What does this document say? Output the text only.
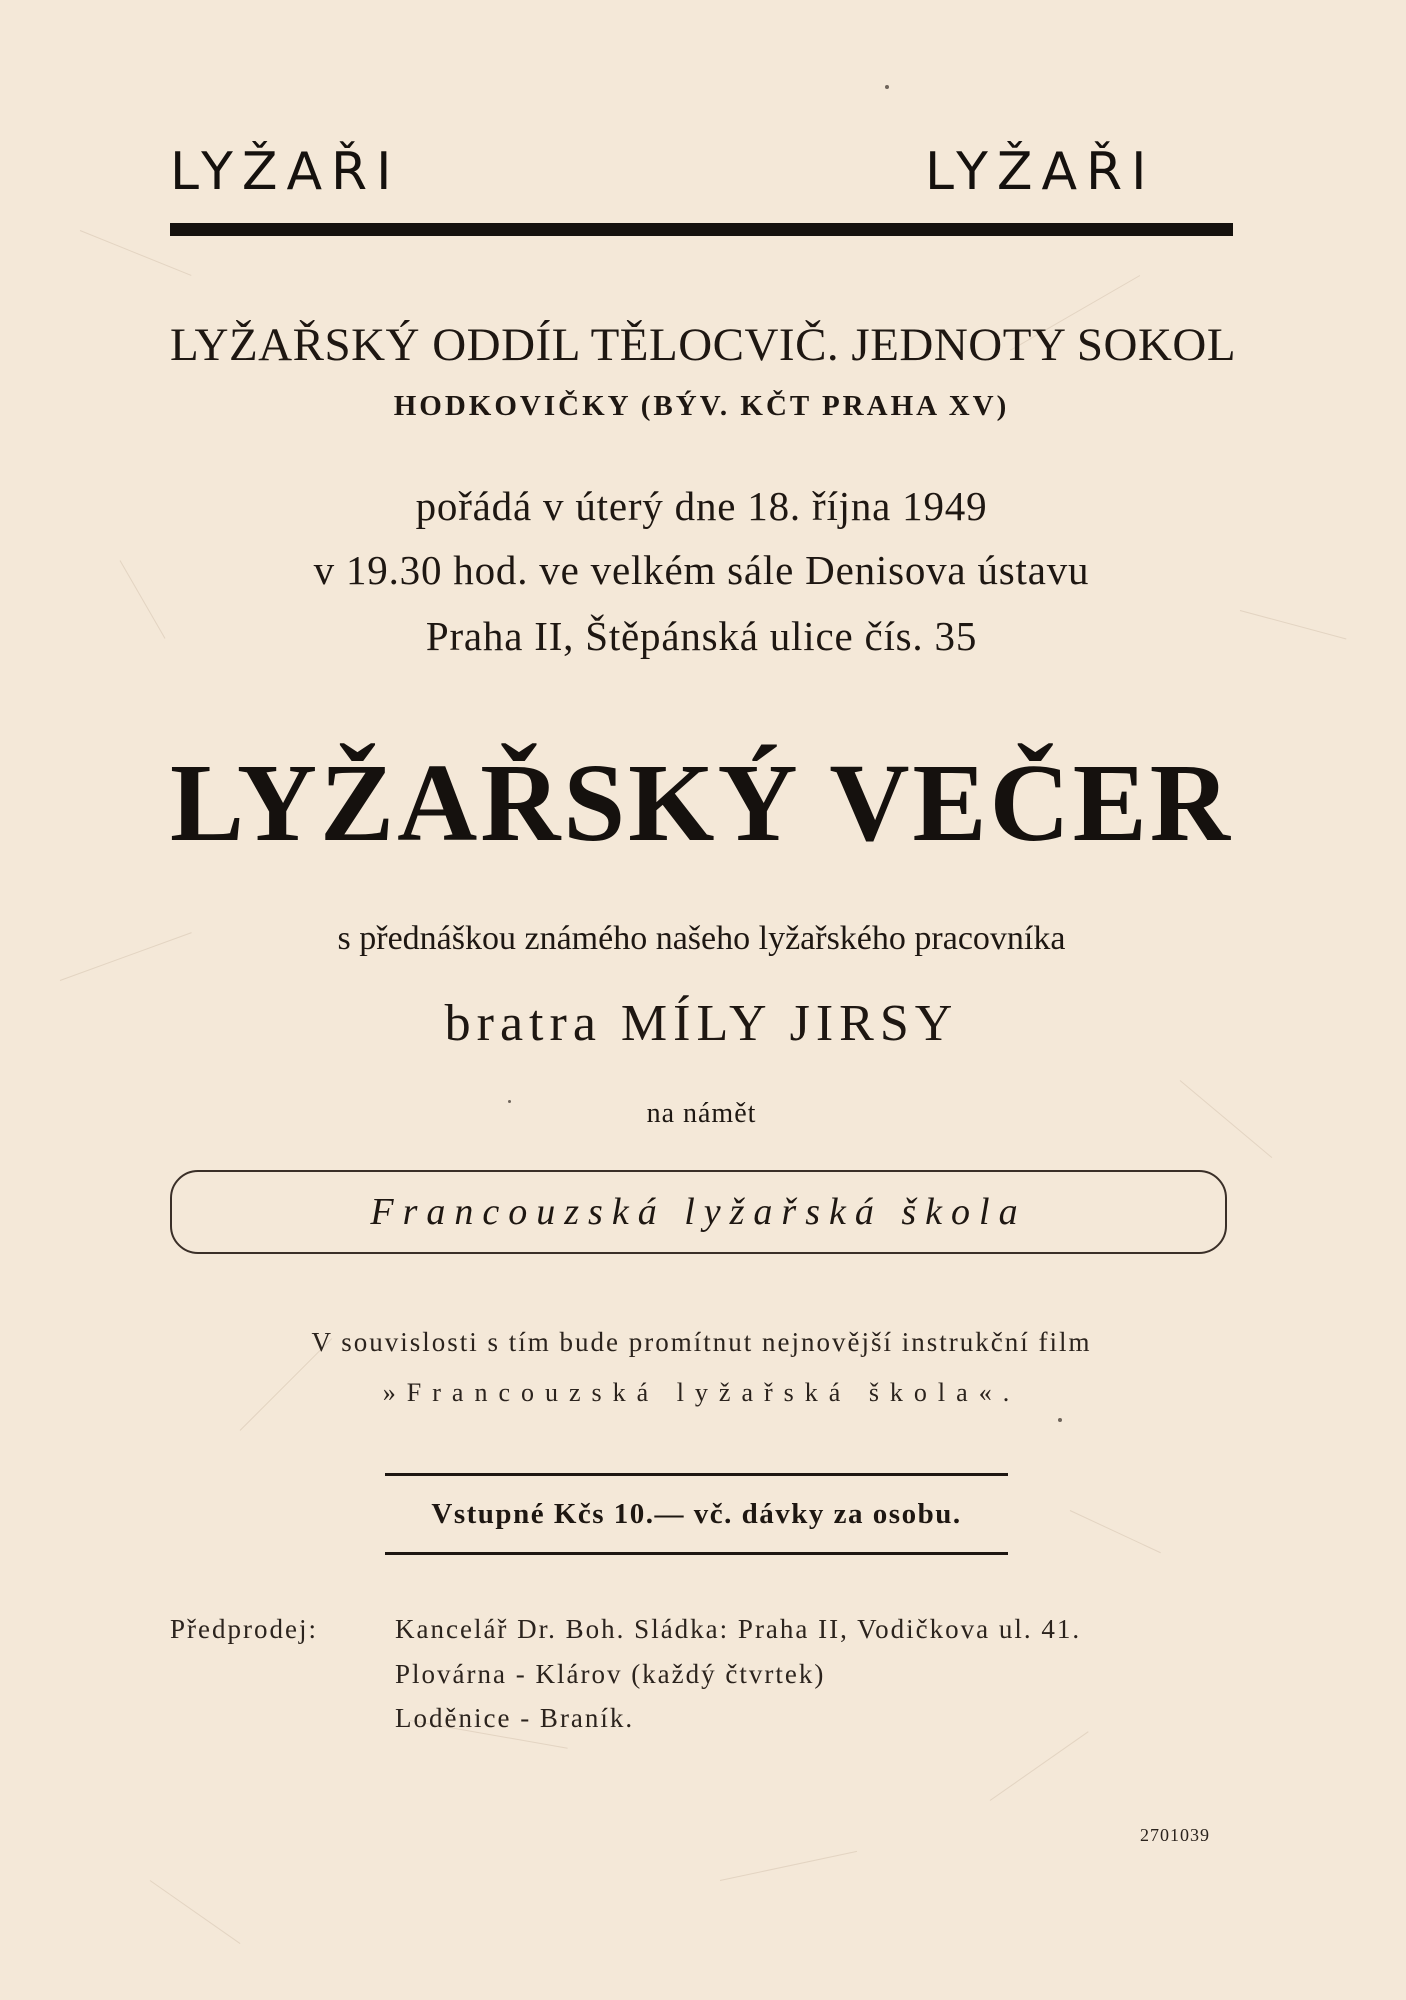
LYŽAŘI	LYŽAŘI
LYŽAŘSKÝ ODDÍL TĚLOCVIČ. JEDNOTY SOKOL
HODKOVIČKY (BÝV. KČT PRAHA XV)
pořádá v úterý dne 18. října 1949
v 19.30 hod. ve velkém sále Denisova ústavu
Praha II, Štěpánská ulice čís. 35
LYŽAŘSKÝ VEČER
s přednáškou známého našeho lyžařského pracovníka
bratra MÍLY JIRSY
na námět
Francouzská lyžařská škola
V souvislosti s tím bude promítnut nejnovější instrukční film
»Francouzská lyžařská škola«.
Vstupné Kčs 10.— vč. dávky za osobu.
Předprodej:	Kancelář Dr. Boh. Sládka: Praha II, Vodičkova ul. 41.
Plovárna - Klárov (každý čtvrtek)
Loděnice - Braník.
2701039
